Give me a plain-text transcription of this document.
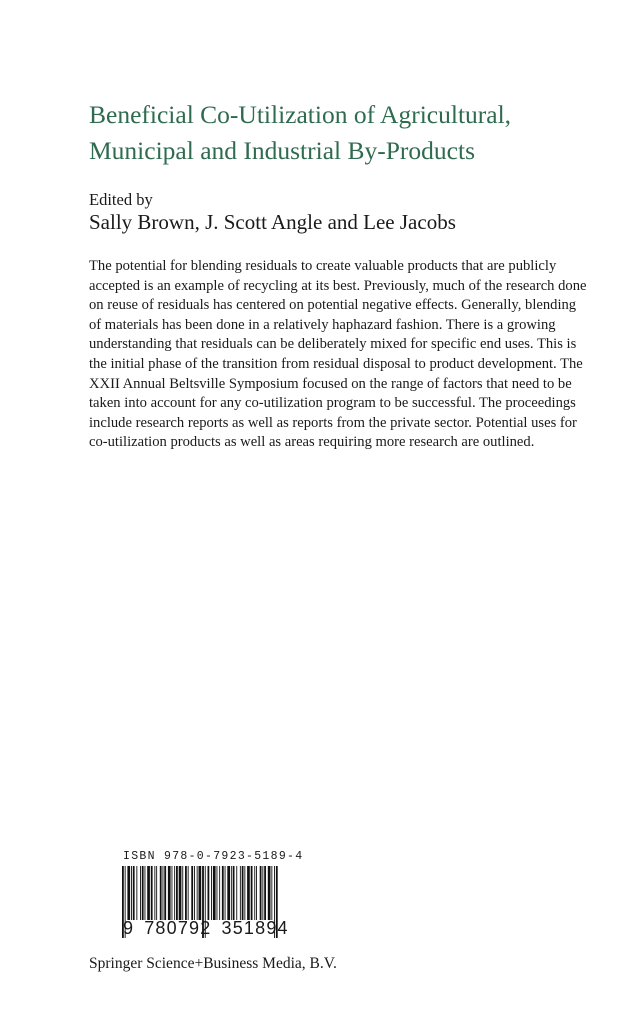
Beneficial Co-Utilization of Agricultural,
Municipal and Industrial By-Products

Edited by

Sally Brown, J. Scott Angle and Lee Jacobs

The potential for blending residuals to create valuable products that are publicly
accepted is an example of recycling at its best. Previously, much of the research done
on reuse of residuals has centered on potential negative effects. Generally, blending
of materials has been done in a relatively haphazard fashion. There is a growing
understanding that residuals can be deliberately mixed for specific end uses. This is
the initial phase of the transition from residual disposal to product development. The
XXII Annual Beltsville Symposium focused on the range of factors that need to be
taken into account for any co-utilization program to be successful. The proceedings
include research reports as well as reports from the private sector. Potential uses for
co-utilization products as well as areas requiring more research are outlined.

ISBN 978-0-7923-5189-4

9 780792 351894

Springer Science+Business Media, B.V.
